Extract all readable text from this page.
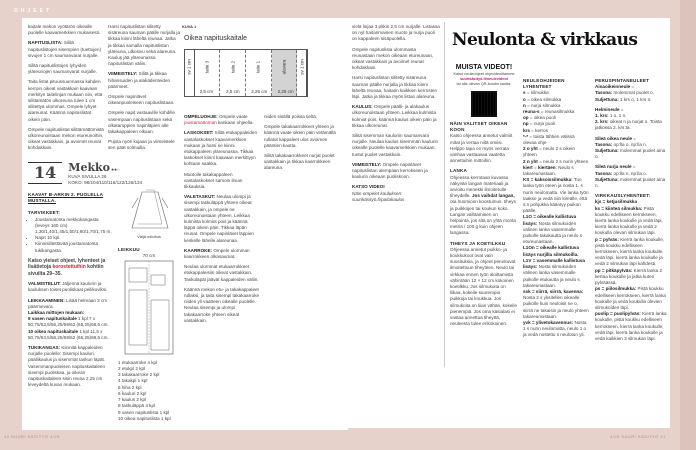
OHJEET

kaitale mekon vyötärön oikealle puolelle kaavamerkkien mukaisesti.

NAPITUSLISTA: Silitä napituslistojen sisempien (tuettujen) sivujen 1 cm saumanvarat nurjalle.

Silitä napituslistojen lyhyiden yläreunojen saumanvarat nurjalle.

Taita listat pituussuunnassa kahden kerroin oikeat vastakkain kaavaan merkityn taitelinjan mukaan niin, että silittämätön ulkoreuna tulee 1 cm silitettyä ulommas. Ompele lyhyet alareunat. Käännä napituslistat oikein päin.

Ompele napituslistat silittämättömistä ulkoreunoistaan mekon etureunoihin, oikeat vastakkain, ja avoimet reunat kohdakkain.

Harsi napituslistan silitetty sisäreuna sauman päälle nurjalla ja tikkaa kiinni läheltä reunaa. Jatka ja tikkaa samalla napituslistan yläreuna, ulkosivu sekä alareuna. Kauluş jää yläreunassa napituslistan väliin.

VIIMEISTELY: Silitä ja tikkaa hihansuiden ja alakädenteiden päärmeet.

Ompele napinlävet oikeanpuoleiseen napituslistaan.

Ompele napit vastaaville kohdille vasempaan napituslistaan sekä olkatamppien napinläpien alle takakappaleen olkaan.

Pujota nyöri kujaan ja viimeistele sen päät solmuilla.

14 Mekko ●●○
KUVA SIVULLA 26
KOKO: 98/104/110/116/122/128/134
KAAVAT B-ARKIN 2. PUOLELLA MUSTALLA.
TARVIKKEET:
• Joustamatonta mekkokangasta (leveys 160 cm) 1,30/1,40/1,45/1,50/1,60/1,70/1,75 m.
• Napit 10 kpl.
• Kiinnisilitettävää joustamatonta tukikangasta.
Katso yleiset ohjeet, lyhenteet ja lisätietoja korostettuihin kohtiin sivuilta 29–35.
VALMISTELUT: Jäljennä kaulurin ja kauluksen toiset puoliskaat peilikuviksi.
LEIKKAAMINEN: Lisää helmaan 3 cm päärmevara.
Laikkaa mittojen mukaan:
9 vasen napituskaitale 1 kpl 7 x 50,75/53,5/56,25/59/62 (65,25)68,5 cm.
10 oikea napituskaitale 1 kpl 11,5 x 50,75/53,5/56,25/59/62 (65,25)68,5 cm.
TUKIKANGAS: Kiinnitä kappaleiden nurjalle puolelle: Sisempi kauluri, päällikaulus ja sisemmät taskun läpät. Vasemmanpuoleisen napituskaitaleen sisempi puoliskaa, ja oikean napituskaitaleen sisin reuna 2,25 cm leveydeltä kuvan mukaan.
Väljä mitoitus
LEIKKUU
70 cm
1 etukaarroke 4 kpl
2 etukpl 2 kpl
3 takakaarroke 2 kpl
4 takakpl 1 kpl
5 hiha 2 kpl
6 kauluri 2 kpl
7 kaulus 2 kpl
8 taskuläppä 4 kpl
9 vasen napituslista 1 kpl
10 oikea napituslista 1 kpl
KUVA 1
Oikea napituskaitale
sv 1 cm	taite 3	taite 2	taite 1	alavara	sv 1 cm
2,5 cm	2,5 cm	2,25 cm	2,25 cm

OMPELUOHJE: Ompele vaate joustamattoman kankaan ohjeella.

LASKOKSET: Silitä etukappaleiden vastalaskokset kaavamerkkien mukaan ja harsi ne kiinni etukappaleen yläreunassa. Tikkaa laskokset kiinni kaavaan merkittyyn kohtaan saakka.

Muotoile takakappaleen vastalaskokset samoin ilman tikkauksia.

VALETASKUT: Neulaa ulompi ja sisempi taskuläppä yhteen oikeat vastakkain, ja ompele ne ulkoreunoistaan yhteen. Leikkaa kulmista kolmiot pois ja käännä läppä oikein päin. Tikkaa läpän reunat. Ompele napinlävet läppien keskelle lähelle alareunaa.

KAARROKE: Ompele ulomman kaarrokkeen olkasaumat.

Neulaa ulommat etukaarrokkeet etukappaleisiin oikeat vastakkain. Taskuläpät jäävät kappaleiden väliin.

Käännä mekon etu- ja takakappaleet rullaksi, ja taita sisempi takakaarroke niiden yli vaatteen oikealle puolelle. Neulaa sisempi ja ulompi takakaarroke yhteen oikeat vastakkain.

niiden sisällä poissa tieltä.

Ompele takakaarrokkeet yhteen ja käännä vaate oikein päin vetämällä rullatut kappaleet ulos avoimen pääntien kautta.

Silitä takakaarrokkeet nurjat puolet vastakkain ja tikkaa kaarrokkeen alareuna.

40 SUURI KÄSITYÖ 4/25

vielä linjaa 3 pitkin 2,5 cm nurjalle. Listassa on nyt haitarimainen muoto ja nurja puoli on kappaleen sisäpuolella.

Ompele napituslista ulommasta reunastaan mekon oikeaan etureunaan, oikeat vastakkain ja avoimet reunat kohdakkain.

Harsi napituslistan silitetty sisäreuna sauman päälle nurjalla ja tikkaa kiinni läheltä reunaa, haitarin kaikkien kerrosten läpi. Jatka ja tikkaa myös listan alareuna.

KAULUS: Ompele päälli- ja alakaulus ulkoreunoistaan yhteen. Leikkaa kulmista kolmiot pois, käännä kaulus oikein päin ja tikkaa ulkoreunat.

Silitä sisemman kauluriin saumanvara nurjalle. Neulaa kaulus sisemmän kaulurin oikealle puolelle kaavamerkkien mukaan, tuetut puolet vastakkain.

VIIMEISTELY: Ompele napinlävet napituslistan alempaan kerrokseen ja kaulurin oikeaan puoliskoon.

KATSO VIDEO!
Näin ompelet kauluksen: suurikäsityö.fi/paitakaulus
Neulonta & virkkaus
MUISTA VIDEOT!
Katso neuleohjeet ohjevideoiltamme
suurikäsityö.fi/neulevideot
tai alla olevan QR-koodin kautta.
NÄIN VALITSET OIKEAN KOON
Katso ohjeessa annetut valmiit mitat ja vertaa niitä omiisi. Helppo tapa on myös verrata vanhaa vastaavaa vaatetta annettuihin mittoihin.
LANKA
Ohjeessa kerrotaan kuvassa näkyvän langan materiaali ja arvioitu menekki ilmoitetulle tiheydelle. Jos vaihdat langan, ota huomioon koostumus, tiheys ja puikkojen tai koukun koko. Langan vaihtaminen on helpointa, jos sitä on yhtä monta metriä / 100 g kuin ohjeen langassa.
TIHEYS JA KOETILKKU
Ohjeessa annetut puikko- ja koukkukoot ovat vain suosituksia, ja ohjeet perustuvat ilmoitettuun tiheyteen. Neulo tai virkkaa ennen työn aloittamista vähintään 12 × 12 cm kokoinen koetilkku. Jos silmukoita on liikaa, kokeile suurempia puikkoja tai koukkua. Jos silmukoita on liian vähän, kokeile pienempiä. Jos oma käsialasi ei vastaa annettua tiheyttä, neuleesta tulee erikokoinen.
NEULEOHJEIDEN LYHENTEET
s = silmukka
o = oikea silmukka
n = nurja silmukka
reuna-s = reunasilmukka
op = oikea puoli
np = nurja puoli
krs = kerros
*-* = toista tähtien välissä olevaa ohje
2 o yht = neulo 2 s oikein yhteen
2 n yht = neulo 2 s nurin yhteen
kiert = kiertäen: Neulo s takareunastaan.
KS = kaksoissilmukka: Tuo lanka työn eteen ja nosta 1. s nurin neulomatta. Vie lanka työn taakse ja vedä niin kireälle, että s:n pohjukka kääntyy puikon päälle.
L1O = oikealle kallistuva lisäys: Nosta silmukoiden välinen lanka vasemmalle puikolle takakautta ja neulo s etureunastaan.
L1On = oikealle kallistuva lisäys nurjilla silmukoilla.
L1V = vasemmalle kallistuva lisäys: Nosta silmukoiden välinen lanka vasemmalle puikolle etukautta ja neulo s takareunastaan.
ssk = siirrä, siirrä, kavenna: Nosta 2 s yksitellen oikealle puikolle kuin neuloisit ne o, siirrä ne takaisin ja neulo yhteen takareunoistaan.
yvk = ylivetokavennus: Nosta 1 s nurin neulomatta, neulo 1 o ja vedä nostettu s neulotun yli.
PERUSPINTANEULEET
Ainaoikeinneule =
Tasona: molemmat puolet o.
Suljettuna: 1 krs o, 1 krs n.
Helmineule =
1. krs: 1 o, 1 n.
2. krs: oikeat n ja nurjat o. Toista jatkossa 2. krs:ta.
Sileä oikea neule =
Tasona: op:lla o, np:lla n.
Suljettuna: molemmat puolet aina o.
Sileä nurja neule =
Tasona: op:lla n, np:lla o.
Suljettuna: molemmat puolet aina n.
VIRKKAUSLYHENTEET:
kjs = ketjusilmukka
ks = kiinteä silmukka: Pistä koukku edelliseen kerrokseen, kierrä lanka koukulle ja vedä läpi, kierrä lanka koukulle ja vedä 2 koukulla olevan silmukan läpi.
p = pylväs: Kierrä lanka koukulle, pistä koukku edelliseen kerrokseen, kierrä lanka koukulle, vedä läpi, kierrä lanka koukulle ja vedä 2 silmukan läpi kahdesti.
pp = pitkäpylväs: Kierrä lanka 2 kertaa koukulle ja jatka kuten pylväässä.
ps = piilosilmukka: Pistä koukku edelliseen kerrokseen, kierrä lanka koukulle ja vedä koukulla olevien silmukoiden läpi.
puolip = puolipylväs: Kierrä lanka koukulle, pistä koukku edelliseen kerrokseen, kierrä lanka koukulle, vedä läpi, kierrä lanka koukulle ja vedä kaikkien 3 silmukan läpi.
4/25 SUURI KÄSITYÖ 41
